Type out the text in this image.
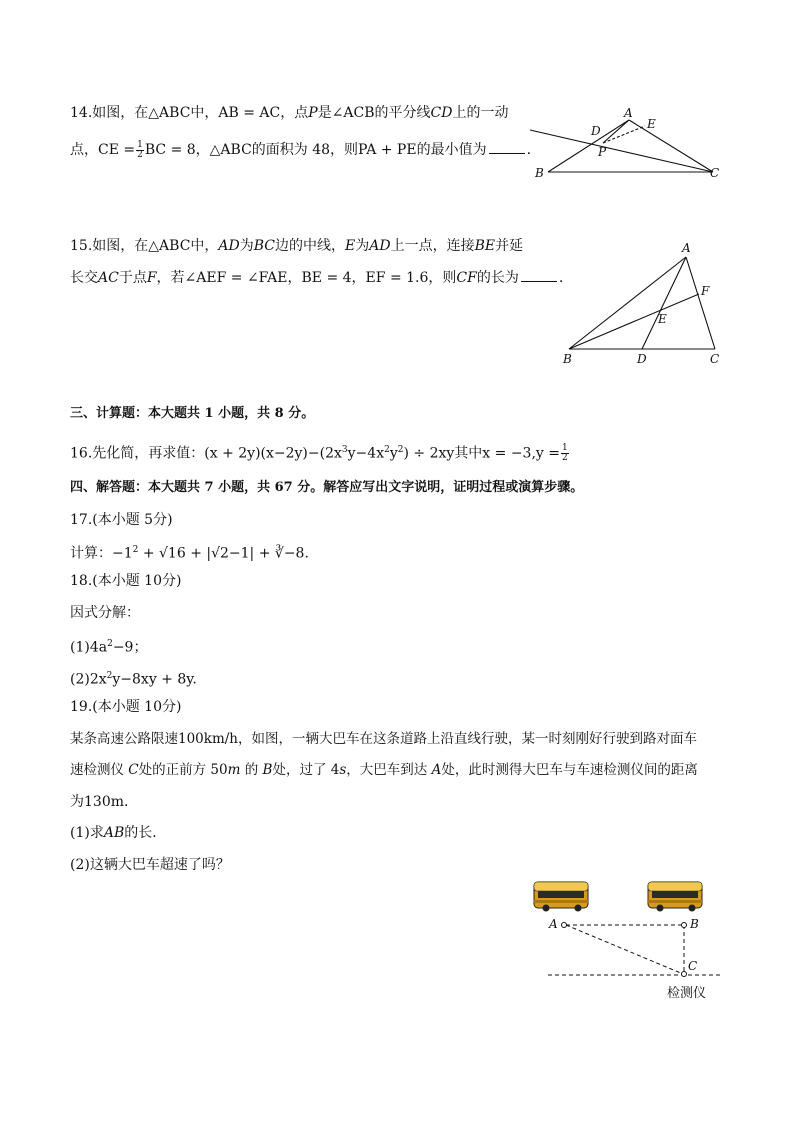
14.如图，在△ABC中，AB = AC，点P是∠ACB的平分线CD上的一动
点，CE = $\frac{1}{2}$ BC = 8，△ABC的面积为 48，则PA + PE的最小值为	.
A
E
D
P
B	C
15.如图，在△ABC中，AD为BC边的中线，E为AD上一点，连接BE并延
长交AC于点F，若∠AEF = ∠FAE，BE = 4，EF = 1.6，则CF的长为	.
A
F
E
B	D	C
三、计算题：本大题共 1 小题，共 8 分。
16.先化简，再求值：$(x + 2y)(x-2y)-(2x^3y-4x^2y^2) \div 2xy$其中$x = -3,y = \frac{1}{2}$
四、解答题：本大题共 7 小题，共 67 分。解答应写出文字说明，证明过程或演算步骤。
17.(本小题 5分)
计算：$-1^2 + √16 + |√2-1|$ + ∛−8.
18.(本小题 10分)
因式分解：
$(1)4a^2-9$；
$(2)2x^2y-8xy + 8y$.
19.(本小题 10分)
某条高速公路限速100km/h，如图，一辆大巴车在这条道路上沿直线行驶，某一时刻刚好行驶到路对面车
速检测仪 C处的正前方 50m 的 B处，过了 4s，大巴车到达 A处，此时测得大巴车与车速检测仪间的距离
为130m.
(1)求AB的长.
(2)这辆大巴车超速了吗？
A	B
C
检测仪
